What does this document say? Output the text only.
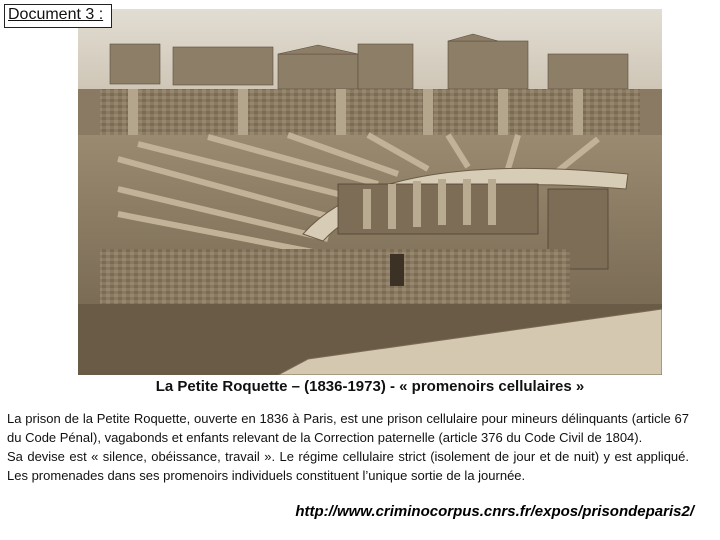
Document 3 :
La Petite Roquette – (1836-1973) - « promenoirs cellulaires »

La prison de la Petite Roquette, ouverte en 1836 à Paris, est une prison cellulaire pour mineurs délinquants (article 67 du Code Pénal), vagabonds et enfants relevant de la Correction paternelle (article 376 du Code Civil de 1804).

Sa devise est « silence, obéissance, travail ». Le régime cellulaire strict (isolement de jour et de nuit) y est appliqué. Les promenades dans ses promenoirs individuels constituent l’unique sortie de la journée.

http://www.criminocorpus.cnrs.fr/expos/prisondeparis2/
